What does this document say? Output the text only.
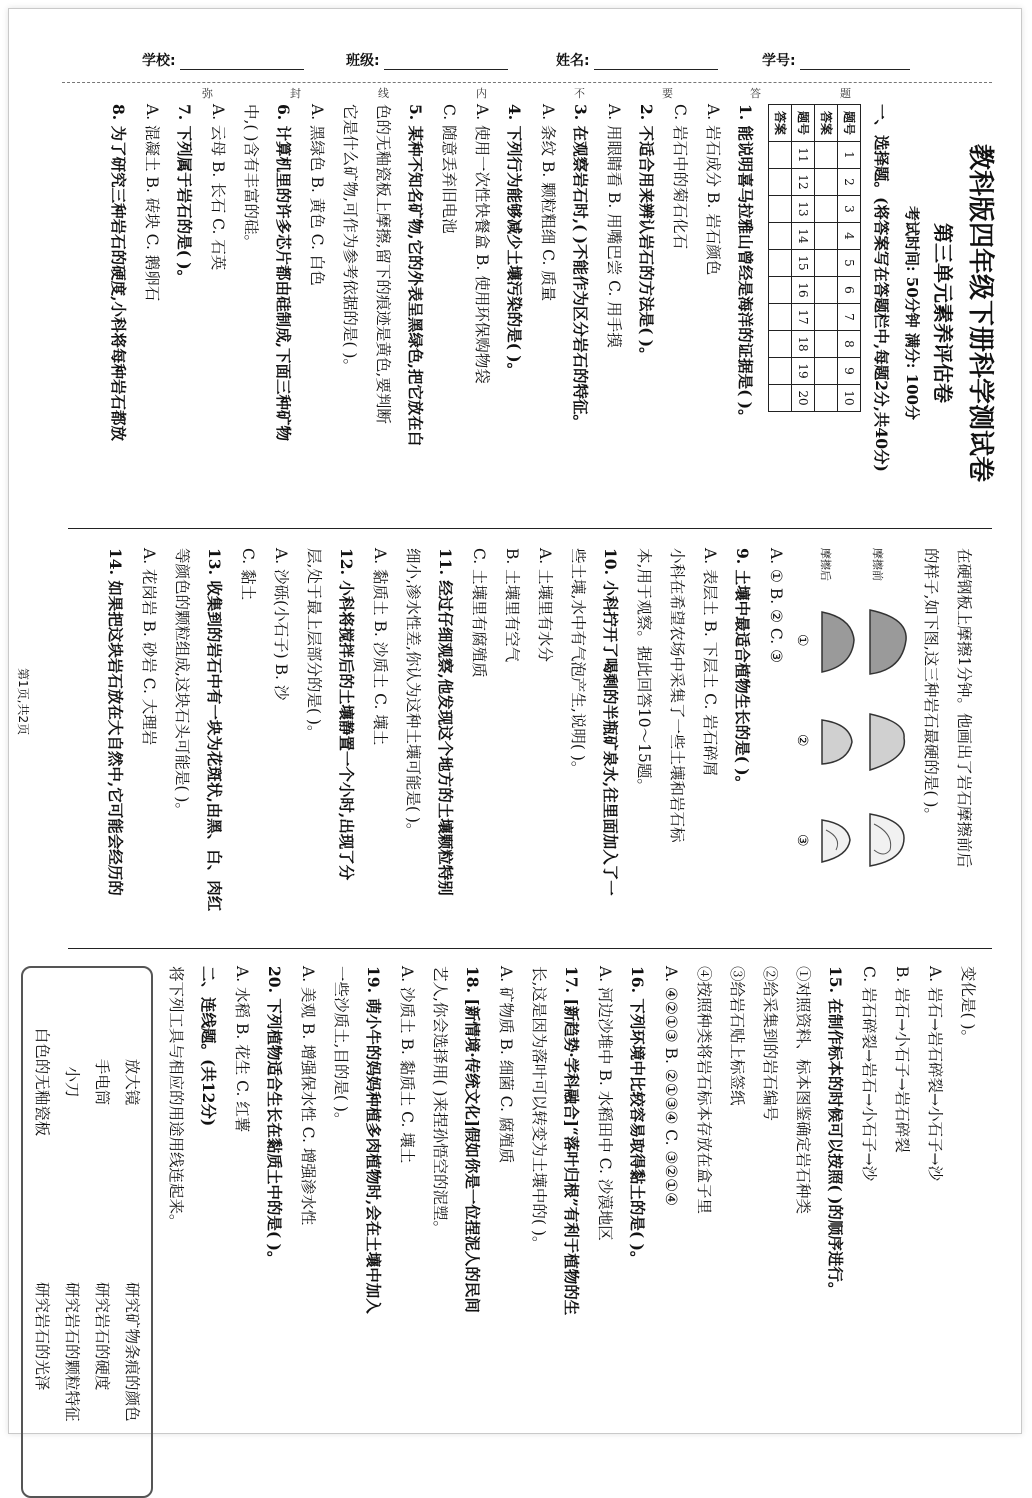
学校:	班级:	姓名:	学号:
弥	封	线	内	不	要	答	题
第1页,共2页

教科版四年级下册科学测试卷

第三单元素养评估卷

考试时间: 50分钟 满分: 100分

一、选择题。(将答案写在答题栏中,每题2分,共40分)

题号	1	2	3	4	5	6	7	8	9	10
答案										
题号	11	12	13	14	15	16	17	18	19	20
答案										

1. 能说明喜马拉雅山曾经是海洋的证据是( )。

A. 岩石成分 B. 岩石颜色

C. 岩石中的菊石化石

2. 不适合用来辨认岩石的方法是( )。

A. 用眼睛看 B. 用嘴巴尝 C. 用手摸

3. 在观察岩石时,( )不能作为区分岩石的特征。

A. 条纹 B. 颗粒粗细 C. 质量

4. 下列行为能够减少土壤污染的是( )。

A. 使用一次性快餐盒 B. 使用环保购物袋

C. 随意丢弃旧电池

5. 某种不知名矿物,它的外表呈黑绿色,把它放在白

色的无釉瓷板上摩擦,留下的痕迹是黄色,要判断

它是什么矿物,可作为参考依据的是( )。

A. 黑绿色 B. 黄色 C. 白色

6. 计算机里的许多芯片都由硅制成,下面三种矿物

中,( )含有丰富的硅。

A. 云母 B. 长石 C. 石英

7. 下列属于岩石的是( )。

A. 混凝土 B. 砖块 C. 鹅卵石

8. 为了研究三种岩石的硬度,小科将每种岩石都放

在硬钢板上摩擦1分钟。他画出了岩石摩擦前后

的样子,如下图,这三种岩石最硬的是( )。

摩擦前
摩擦后
①
②
③

A. ① B. ② C. ③

9. 土壤中最适合植物生长的是( )。

A. 表层土 B. 下层土 C. 岩石碎屑

小科在希望农场中采集了一些土壤和岩石标

本,用于观察。据此回答10～15题。

10. 小科拧开了喝剩的半瓶矿泉水,往里面加入了一

些土壤,水中有气泡产生,说明( )。

A. 土壤里有水分

B. 土壤里有空气

C. 土壤里有腐殖质

11. 经过仔细观察,他发现这个地方的土壤颗粒特别

细小,渗水性差,你认为这种土壤可能是( )。

A. 黏质土 B. 沙质土 C. 壤土

12. 小科将搅拌后的土壤静置一个小时,出现了分

层,处于最上层部分的是( )。

A. 沙砾(小石子) B. 沙

C. 黏土

13. 收集到的岩石中有一块为花斑状,由黑、白、肉红

等颜色的颗粒组成,这块石头可能是( )。

A. 花岗岩 B. 砂岩 C. 大理岩

14. 如果把这块岩石放在大自然中,它可能会经历的

变化是( )。

A. 岩石→岩石碎裂→小石子→沙

B. 岩石→小石子→岩石碎裂

C. 岩石碎裂→岩石→小石子→沙

15. 在制作标本的时候可以按照( )的顺序进行。

①对照资料、标本图鉴确定岩石种类

②给采集到的岩石编号

③给岩石贴上标签纸

④按照种类将岩石标本存放在盒子里

A. ④②①③ B. ②①③④ C. ③②①④

16. 下列环境中比较容易取得黏土的是( )。

A. 河边沙堆中 B. 水稻田中 C. 沙漠地区

17. [新趋势·学科融合]“落叶归根”有利于植物的生

长,这是因为落叶可以转变为土壤中的( )。

A. 矿物质 B. 细菌 C. 腐殖质

18. [新情境·传统文化]假如你是一位捏泥人的民间

艺人,你会选择用( )来捏孙悟空的泥塑。

A. 沙质土 B. 黏质土 C. 壤土

19. 萌小牛的妈妈种植多肉植物时,会在土壤中加入

一些沙质土,目的是( )。

A. 美观 B. 增强保水性 C. 增强渗水性

20. 下列植物适合生长在黏质土中的是( )。

A. 水稻 B. 花生 C. 红薯

二、连线题。(共12分)

将下列工具与相应的用途用线连起来。

放大镜
研究矿物条痕的颜色
手电筒
研究岩石的硬度
小刀
研究岩石的颗粒特征
白色的无釉瓷板
研究岩石的光泽
